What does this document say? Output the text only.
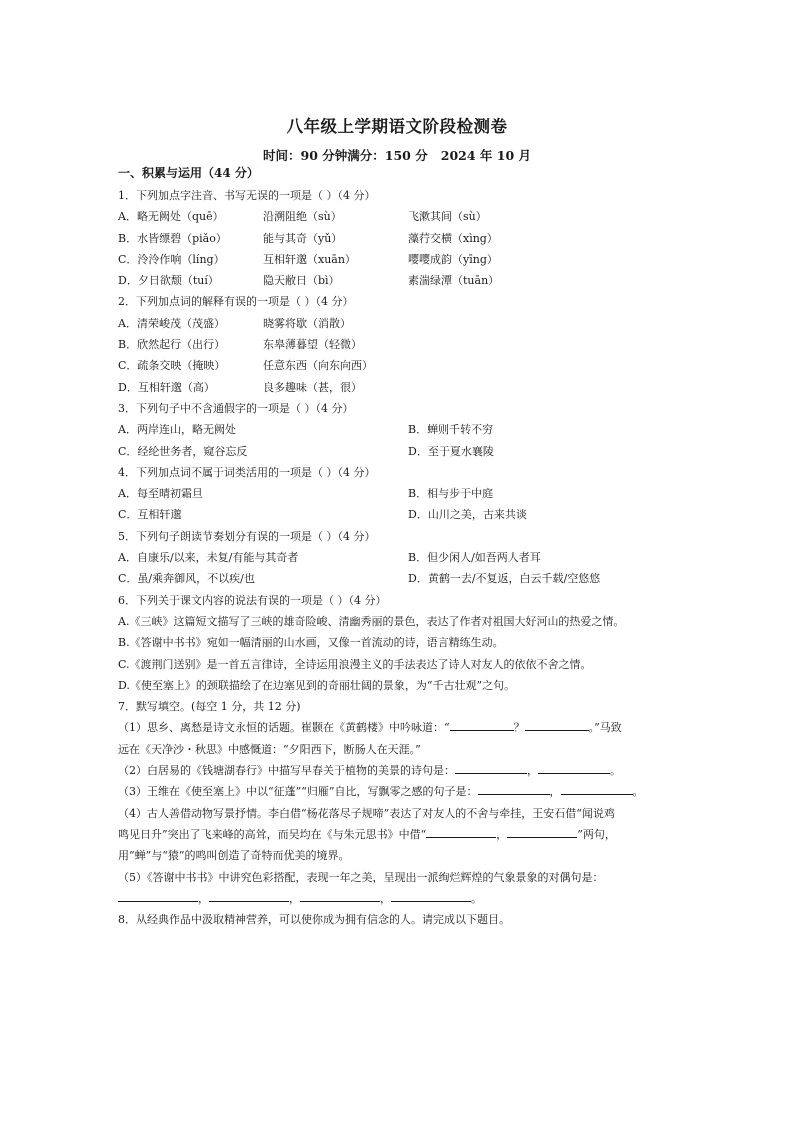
八年级上学期语文阶段检测卷
时间：90 分钟满分：150 分   2024 年 10 月
一、积累与运用（44 分）
1．下列加点字注音、书写无误的一项是（ ）（4 分）
A．略无阙处（quē）	沿溯阻绝（sù）	飞漱其间（sù）
B．水皆缥碧（piǎo）	能与其奇（yǔ）	藻荇交横（xìng）
C．泠泠作响（líng）	互相轩邈（xuān）	嘤嘤成韵（yīng）
D．夕日欲颓（tuí）	隐天敝日（bì）	素湍绿潭（tuān）
2．下列加点词的解释有误的一项是（ ）（4 分）
A．清荣峻茂（茂盛）	晓雾将歇（消散）
B．欣然起行（出行）	东皋薄暮望（轻微）
C．疏条交映（掩映）	任意东西（向东向西）
D．互相轩邈（高）	良多趣味（甚，很）
3．下列句子中不含通假字的一项是（ ）（4 分）
A．两岸连山，略无阙处	B．蝉则千转不穷
C．经纶世务者，窥谷忘反	D．至于夏水襄陵
4．下列加点词不属于词类活用的一项是（ ）（4 分）
A．每至晴初霜旦	B．相与步于中庭
C．互相轩邈	D．山川之美，古来共谈
5．下列句子朗读节奏划分有误的一项是（ ）（4 分）
A．自康乐/以来，未复/有能与其奇者	B．但少闲人/如吾两人者耳
C．虽/乘奔御风，不以疾/也	D．黄鹤一去/不复返，白云千载/空悠悠
6．下列关于课文内容的说法有误的一项是（ ）（4 分）
A.《三峡》这篇短文描写了三峡的雄奇险峻、清幽秀丽的景色，表达了作者对祖国大好河山的热爱之情。
B.《答谢中书书》宛如一幅清丽的山水画，又像一首流动的诗，语言精练生动。
C.《渡荆门送别》是一首五言律诗，全诗运用浪漫主义的手法表达了诗人对友人的依依不舍之情。
D.《使至塞上》的颈联描绘了在边塞见到的奇丽壮阔的景象，为“千古壮观”之句。
7．默写填空。(每空 1 分，共 12 分)
（1）思乡、离愁是诗文永恒的话题。崔颢在《黄鹤楼》中吟咏道：“	？	。”马致
远在《天净沙・秋思》中感慨道：“夕阳西下，断肠人在天涯。”
（2）白居易的《钱塘湖春行》中描写早春关于植物的美景的诗句是：	，	。
（3）王维在《使至塞上》中以“征蓬”“归雁”自比，写飘零之感的句子是：	，	。
（4）古人善借动物写景抒情。李白借“杨花落尽子规啼”表达了对友人的不舍与牵挂，王安石借“闻说鸡
鸣见日升”突出了飞来峰的高耸，而吴均在《与朱元思书》中借“	，	”两句，
用“蝉”与“猿”的鸣叫创造了奇特而优美的境界。
（5）《答谢中书书》中讲究色彩搭配，表现一年之美，呈现出一派绚烂辉煌的气象景象的对偶句是：
，	，	，	。
8．从经典作品中汲取精神营养，可以使你成为拥有信念的人。请完成以下题目。
